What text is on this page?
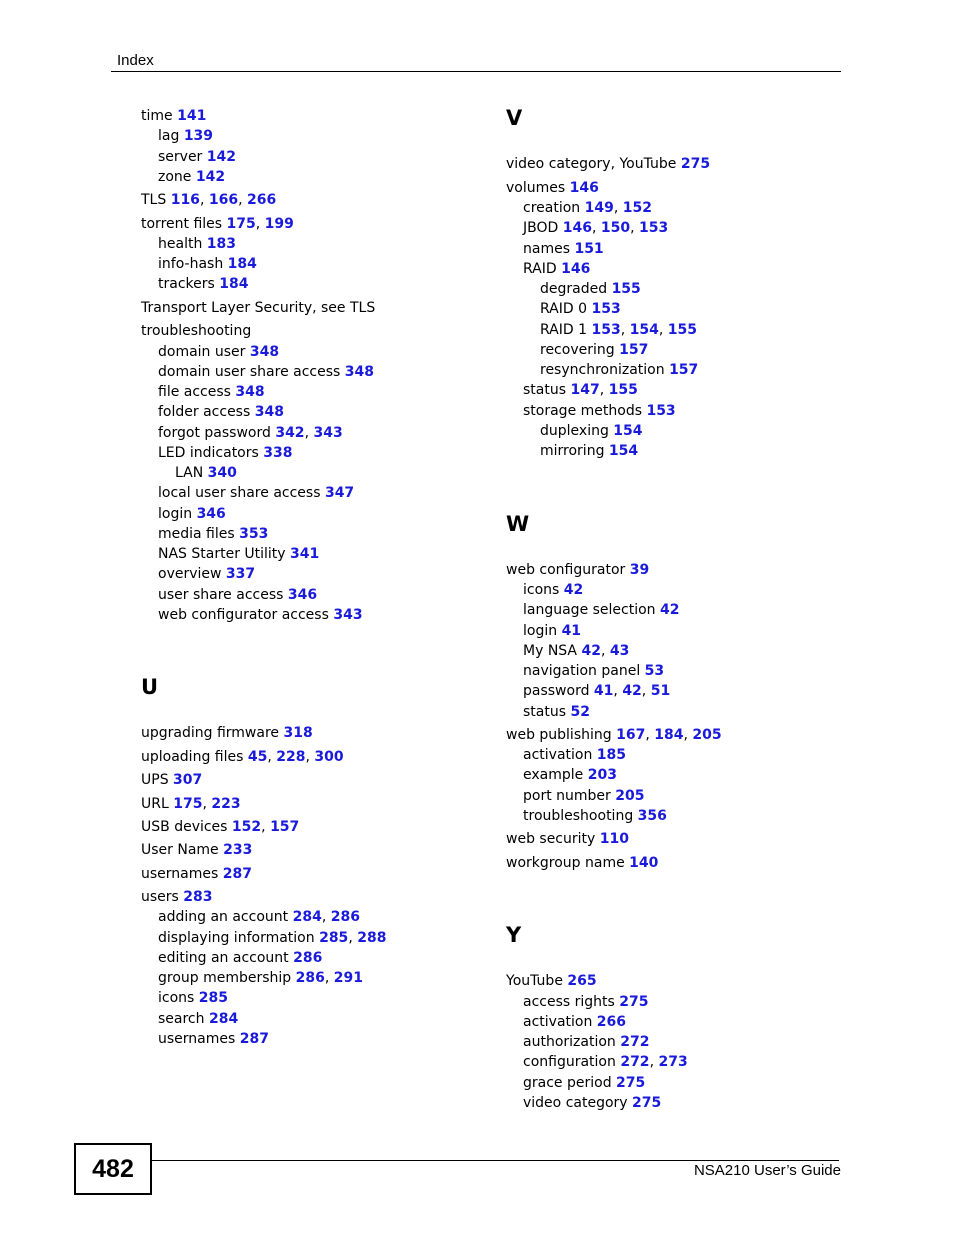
Index
time 141
lag 139
server 142
zone 142
TLS 116, 166, 266
torrent files 175, 199
health 183
info-hash 184
trackers 184
Transport Layer Security, see TLS
troubleshooting
domain user 348
domain user share access 348
file access 348
folder access 348
forgot password 342, 343
LED indicators 338
LAN 340
local user share access 347
login 346
media files 353
NAS Starter Utility 341
overview 337
user share access 346
web configurator access 343
U
upgrading firmware 318
uploading files 45, 228, 300
UPS 307
URL 175, 223
USB devices 152, 157
User Name 233
usernames 287
users 283
adding an account 284, 286
displaying information 285, 288
editing an account 286
group membership 286, 291
icons 285
search 284
usernames 287
V
video category, YouTube 275
volumes 146
creation 149, 152
JBOD 146, 150, 153
names 151
RAID 146
degraded 155
RAID 0 153
RAID 1 153, 154, 155
recovering 157
resynchronization 157
status 147, 155
storage methods 153
duplexing 154
mirroring 154
W
web configurator 39
icons 42
language selection 42
login 41
My NSA 42, 43
navigation panel 53
password 41, 42, 51
status 52
web publishing 167, 184, 205
activation 185
example 203
port number 205
troubleshooting 356
web security 110
workgroup name 140
Y
YouTube 265
access rights 275
activation 266
authorization 272
configuration 272, 273
grace period 275
video category 275
482	NSA210 User’s Guide
